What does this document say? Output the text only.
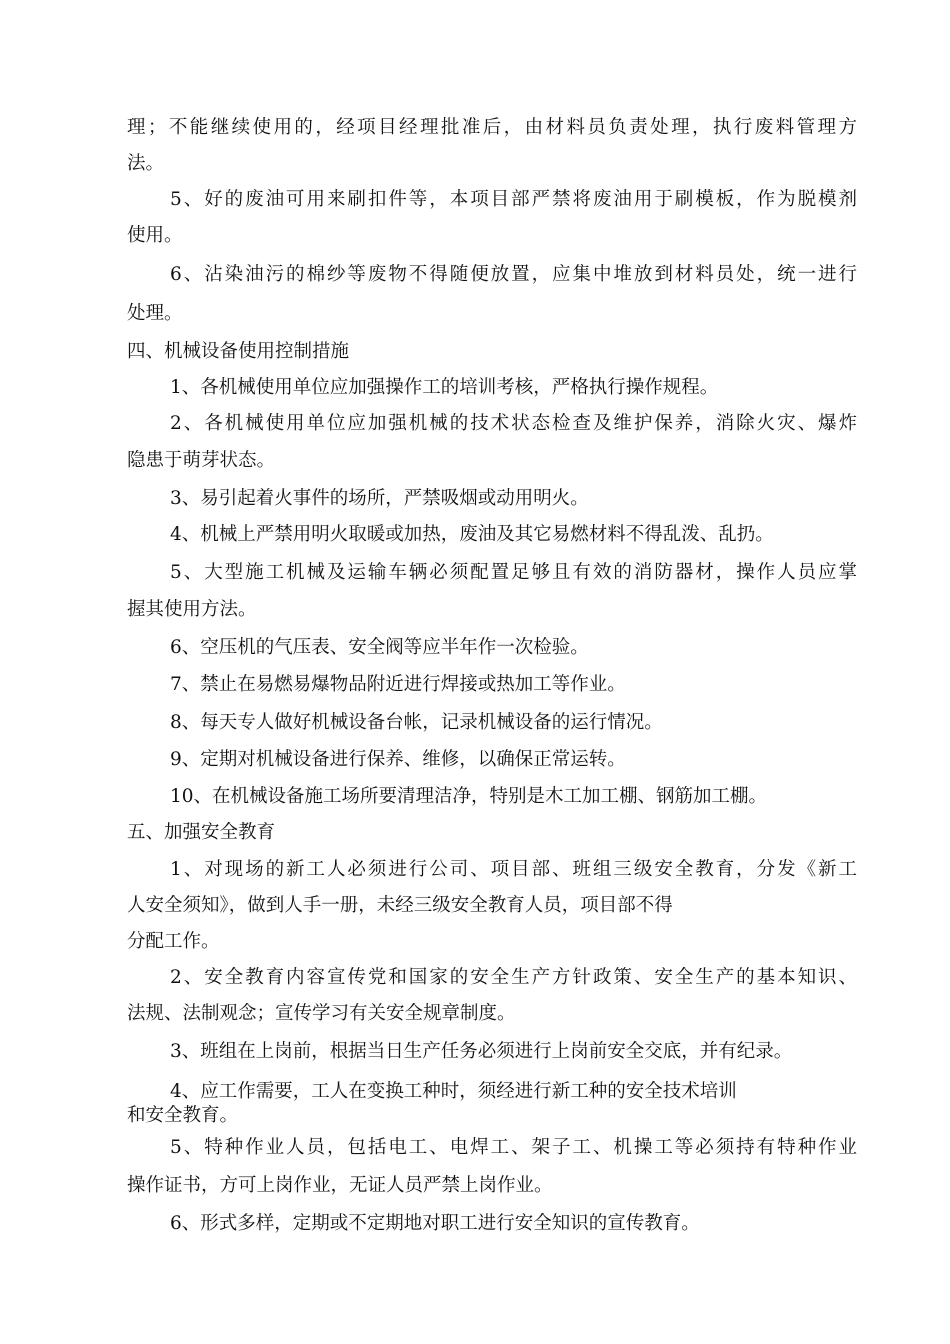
理；不能继续使用的，经项目经理批准后，由材料员负责处理，执行废料管理方
法。
5、好的废油可用来刷扣件等，本项目部严禁将废油用于刷模板，作为脱模剂
使用。
6、沾染油污的棉纱等废物不得随便放置，应集中堆放到材料员处，统一进行
处理。
四、机械设备使用控制措施
1、各机械使用单位应加强操作工的培训考核，严格执行操作规程。
2、各机械使用单位应加强机械的技术状态检查及维护保养，消除火灾、爆炸
隐患于萌芽状态。
3、易引起着火事件的场所，严禁吸烟或动用明火。
4、机械上严禁用明火取暖或加热，废油及其它易燃材料不得乱泼、乱扔。
5、大型施工机械及运输车辆必须配置足够且有效的消防器材，操作人员应掌
握其使用方法。
6、空压机的气压表、安全阀等应半年作一次检验。
7、禁止在易燃易爆物品附近进行焊接或热加工等作业。
8、每天专人做好机械设备台帐，记录机械设备的运行情况。
9、定期对机械设备进行保养、维修，以确保正常运转。
10、在机械设备施工场所要清理洁净，特别是木工加工棚、钢筋加工棚。
五、加强安全教育
1、对现场的新工人必须进行公司、项目部、班组三级安全教育，分发《新工
人安全须知》，做到人手一册，未经三级安全教育人员，项目部不得
分配工作。
2、安全教育内容宣传党和国家的安全生产方针政策、安全生产的基本知识、
法规、法制观念；宣传学习有关安全规章制度。
3、班组在上岗前，根据当日生产任务必须进行上岗前安全交底，并有纪录。
4、应工作需要，工人在变换工种时，须经进行新工种的安全技术培训
和安全教育。
5、特种作业人员，包括电工、电焊工、架子工、机操工等必须持有特种作业
操作证书，方可上岗作业，无证人员严禁上岗作业。
6、形式多样，定期或不定期地对职工进行安全知识的宣传教育。
